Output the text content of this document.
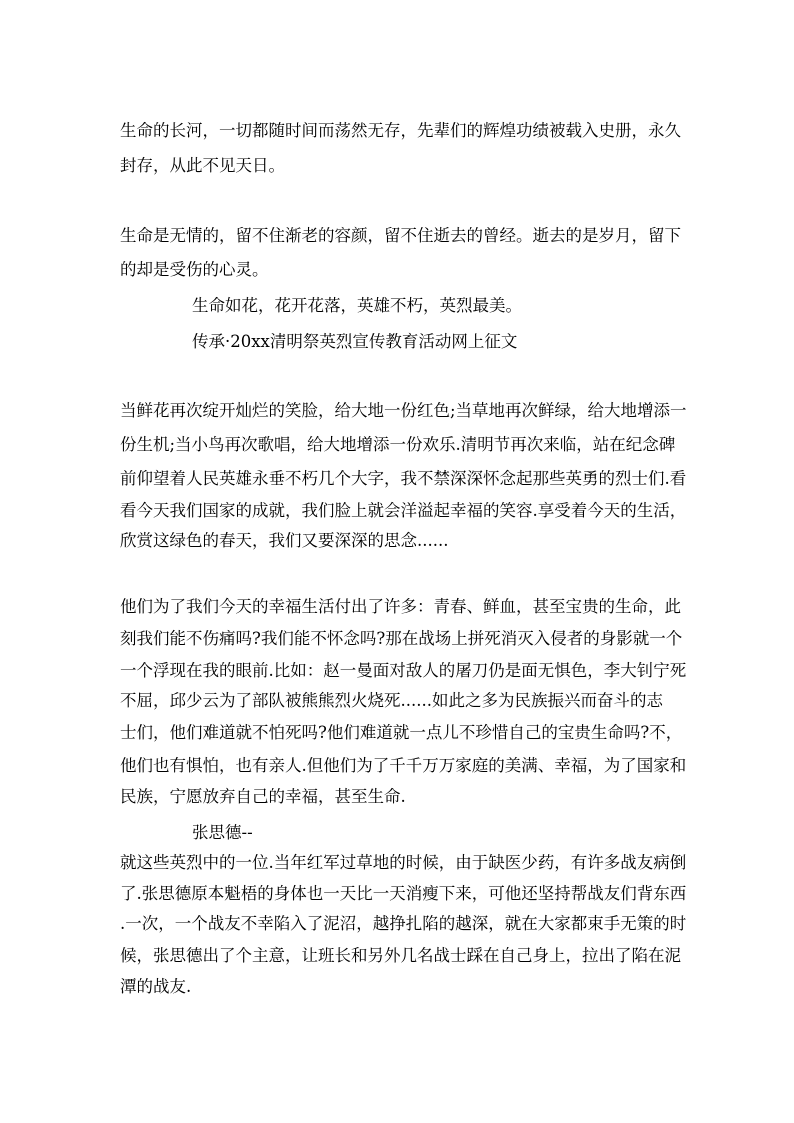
生命的长河，一切都随时间而荡然无存，先辈们的辉煌功绩被载入史册，永久
封存，从此不见天日。
生命是无情的，留不住渐老的容颜，留不住逝去的曾经。逝去的是岁月，留下
的却是受伤的心灵。
生命如花，花开花落，英雄不朽，英烈最美。
传承·20xx清明祭英烈宣传教育活动网上征文
当鲜花再次绽开灿烂的笑脸，给大地一份红色;当草地再次鲜绿，给大地增添一
份生机;当小鸟再次歌唱，给大地增添一份欢乐.清明节再次来临，站在纪念碑
前仰望着人民英雄永垂不朽几个大字，我不禁深深怀念起那些英勇的烈士们.看
看今天我们国家的成就，我们脸上就会洋溢起幸福的笑容.享受着今天的生活，
欣赏这绿色的春天，我们又要深深的思念......
他们为了我们今天的幸福生活付出了许多：青春、鲜血，甚至宝贵的生命，此
刻我们能不伤痛吗?我们能不怀念吗?那在战场上拼死消灭入侵者的身影就一个
一个浮现在我的眼前.比如：赵一曼面对敌人的屠刀仍是面无惧色，李大钊宁死
不屈，邱少云为了部队被熊熊烈火烧死......如此之多为民族振兴而奋斗的志
士们，他们难道就不怕死吗?他们难道就一点儿不珍惜自己的宝贵生命吗?不，
他们也有惧怕，也有亲人.但他们为了千千万万家庭的美满、幸福，为了国家和
民族，宁愿放弃自己的幸福，甚至生命.
张思德--
就这些英烈中的一位.当年红军过草地的时候，由于缺医少药，有许多战友病倒
了.张思德原本魁梧的身体也一天比一天消瘦下来，可他还坚持帮战友们背东西
.一次，一个战友不幸陷入了泥沼，越挣扎陷的越深，就在大家都束手无策的时
候，张思德出了个主意，让班长和另外几名战士踩在自己身上，拉出了陷在泥
潭的战友.
